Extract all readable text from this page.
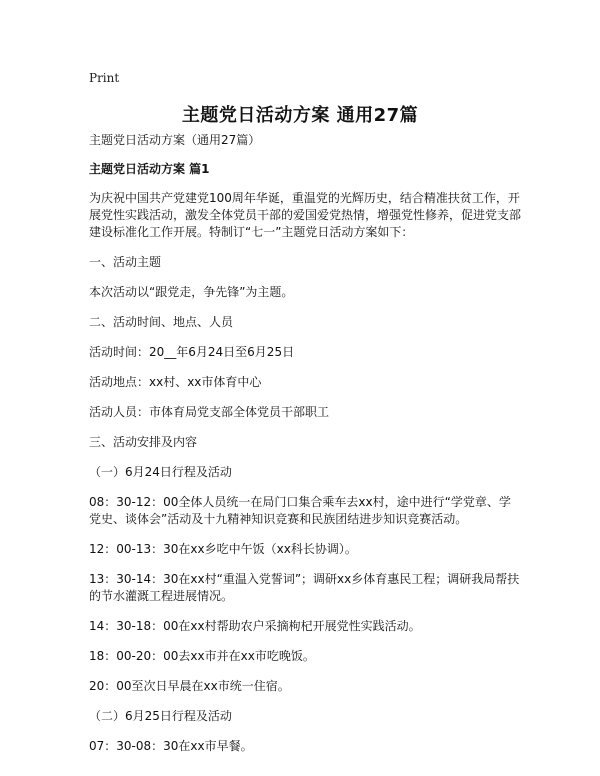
Print
主题党日活动方案 通用27篇

主题党日活动方案（通用27篇）

主题党日活动方案 篇1

为庆祝中国共产党建党100周年华诞，重温党的光辉历史，结合精准扶贫工作，开展党性实践活动，激发全体党员干部的爱国爱党热情，增强党性修养，促进党支部建设标准化工作开展。特制订“七一”主题党日活动方案如下：

一、活动主题

本次活动以“跟党走，争先锋”为主题。

二、活动时间、地点、人员

活动时间：20__年6月24日至6月25日

活动地点：xx村、xx市体育中心

活动人员：市体育局党支部全体党员干部职工

三、活动安排及内容

（一）6月24日行程及活动

08：30-12：00全体人员统一在局门口集合乘车去xx村，途中进行“学党章、学党史、谈体会”活动及十九精神知识竞赛和民族团结进步知识竞赛活动。

12：00-13：30在xx乡吃中午饭（xx科长协调）。

13：30-14：30在xx村“重温入党誓词”；调研xx乡体育惠民工程；调研我局帮扶的节水灌溉工程进展情况。

14：30-18：00在xx村帮助农户采摘枸杞开展党性实践活动。

18：00-20：00去xx市并在xx市吃晚饭。

20：00至次日早晨在xx市统一住宿。

（二）6月25日行程及活动

07：30-08：30在xx市早餐。
